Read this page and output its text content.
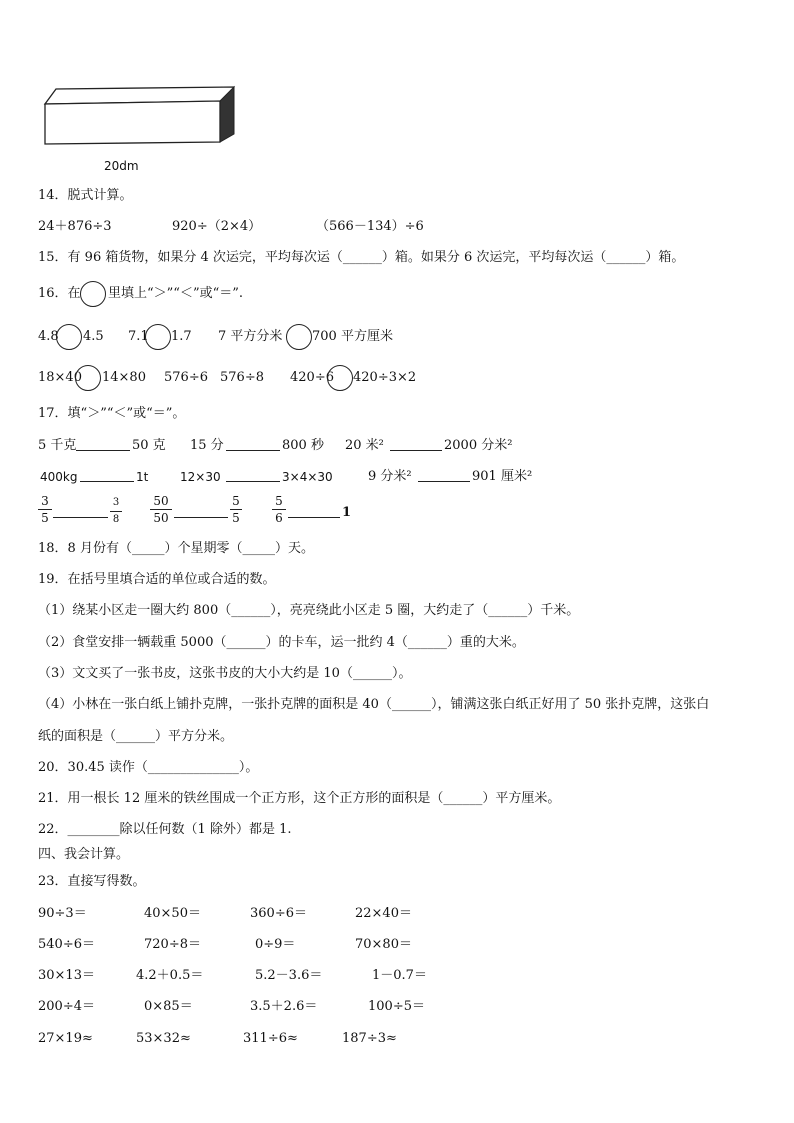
20dm
14．脱式计算。
24＋876÷3	920÷（2×4）	（566－134）÷6
15．有 96 箱货物，如果分 4 次运完，平均每次运（______）箱。如果分 6 次运完，平均每次运（______）箱。
16．在 里填上“＞”“＜”或“＝”.
4.8 4.5 7.1 1.7 7 平方分米 700 平方厘米
18×40 14×80 576÷6 576÷8 420÷6 420÷3×2
17．填“＞”“＜”或“＝”。
5 千克	50 克 15 分	800 秒 20 米²	2000 分米²
400kg	1t	12×30	3×4×30	9 分米²	901 厘米²
3
5
3
8
50
50
5
5
5
6	1
18．8 月份有（_____）个星期零（_____）天。
19．在括号里填合适的单位或合适的数。
（1）绕某小区走一圈大约 800（______），亮亮绕此小区走 5 圈，大约走了（______）千米。
（2）食堂安排一辆载重 5000（______）的卡车，运一批约 4（______）重的大米。
（3）文文买了一张书皮，这张书皮的大小大约是 10（______）。
（4）小林在一张白纸上铺扑克牌，一张扑克牌的面积是 40（______），铺满这张白纸正好用了 50 张扑克牌，这张白
纸的面积是（______）平方分米。
20．30.45 读作（______________）。
21．用一根长 12 厘米的铁丝围成一个正方形，这个正方形的面积是（______）平方厘米。
22．________除以任何数（1 除外）都是 1.
四、我会计算。
23．直接写得数。
90÷3＝	40×50＝	360÷6＝	22×40＝
540÷6＝	720÷8＝	0÷9＝	70×80＝
30×13＝	4.2＋0.5＝	5.2－3.6＝	1－0.7＝
200÷4＝	0×85＝	3.5＋2.6＝	100÷5＝
27×19≈	53×32≈	311÷6≈	187÷3≈
